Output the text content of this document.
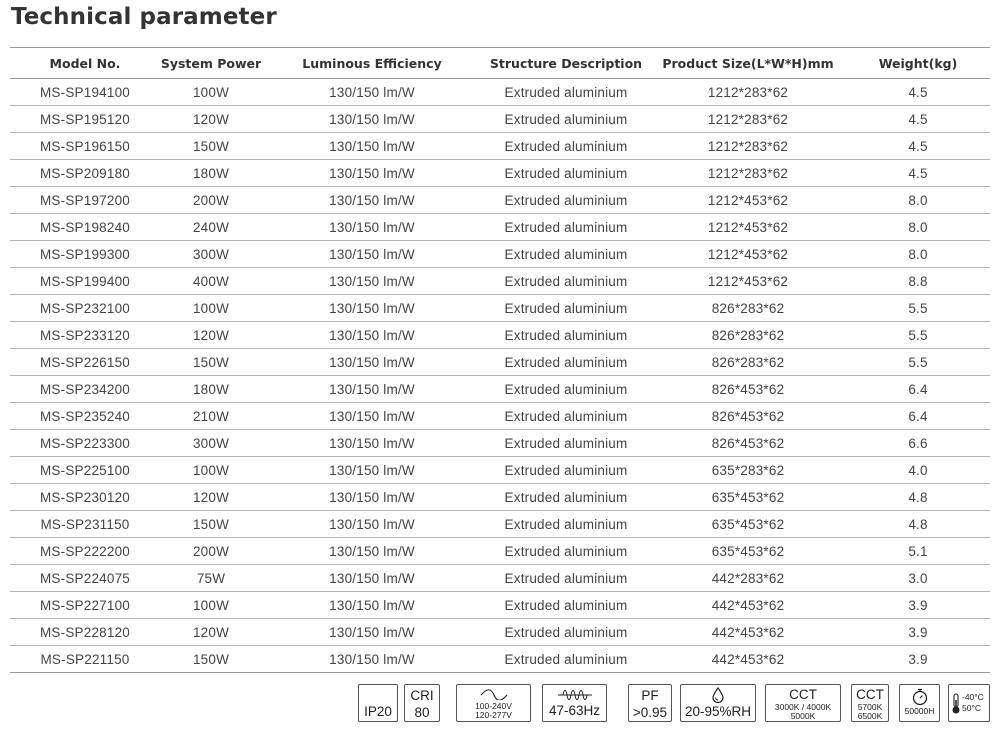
Technical parameter
Model No.	System Power	Luminous Efficiency	Structure Description	Product Size(L*W*H)mm	Weight(kg)
MS-SP194100	100W	130/150 lm/W	Extruded aluminium	1212*283*62	4.5
MS-SP195120	120W	130/150 lm/W	Extruded aluminium	1212*283*62	4.5
MS-SP196150	150W	130/150 lm/W	Extruded aluminium	1212*283*62	4.5
MS-SP209180	180W	130/150 lm/W	Extruded aluminium	1212*283*62	4.5
MS-SP197200	200W	130/150 lm/W	Extruded aluminium	1212*453*62	8.0
MS-SP198240	240W	130/150 lm/W	Extruded aluminium	1212*453*62	8.0
MS-SP199300	300W	130/150 lm/W	Extruded aluminium	1212*453*62	8.0
MS-SP199400	400W	130/150 lm/W	Extruded aluminium	1212*453*62	8.8
MS-SP232100	100W	130/150 lm/W	Extruded aluminium	826*283*62	5.5
MS-SP233120	120W	130/150 lm/W	Extruded aluminium	826*283*62	5.5
MS-SP226150	150W	130/150 lm/W	Extruded aluminium	826*283*62	5.5
MS-SP234200	180W	130/150 lm/W	Extruded aluminium	826*453*62	6.4
MS-SP235240	210W	130/150 lm/W	Extruded aluminium	826*453*62	6.4
MS-SP223300	300W	130/150 lm/W	Extruded aluminium	826*453*62	6.6
MS-SP225100	100W	130/150 lm/W	Extruded aluminium	635*283*62	4.0
MS-SP230120	120W	130/150 lm/W	Extruded aluminium	635*453*62	4.8
MS-SP231150	150W	130/150 lm/W	Extruded aluminium	635*453*62	4.8
MS-SP222200	200W	130/150 lm/W	Extruded aluminium	635*453*62	5.1
MS-SP224075	75W	130/150 lm/W	Extruded aluminium	442*283*62	3.0
MS-SP227100	100W	130/150 lm/W	Extruded aluminium	442*453*62	3.9
MS-SP228120	120W	130/150 lm/W	Extruded aluminium	442*453*62	3.9
MS-SP221150	150W	130/150 lm/W	Extruded aluminium	442*453*62	3.9
IP20
CRI
80	100-240V
120-277V	47-63Hz
PF
>0.95 20-95%RH
CCT
3000K / 4000K
5000K
CCT
5700K
6500K	50000H
-40°C
50°C
